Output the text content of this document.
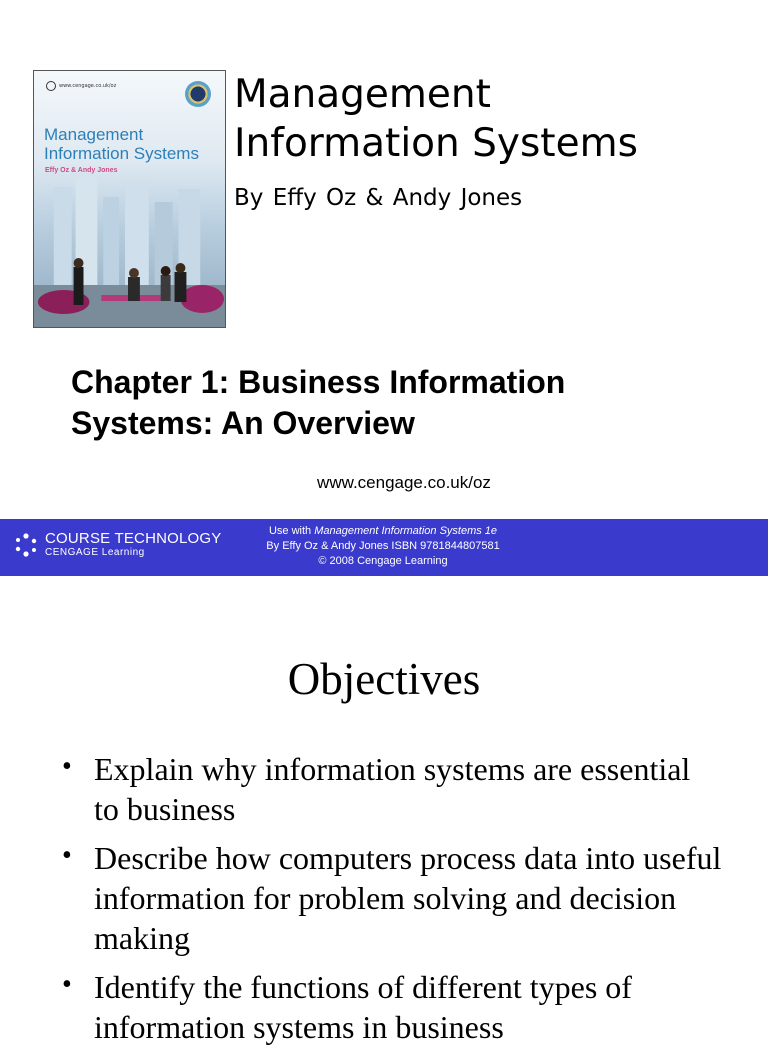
www.cengage.co.uk/oz
Management
Information Systems
Effy Oz & Andy Jones
Management
Information Systems
By Effy Oz & Andy Jones
Chapter 1: Business Information
Systems: An Overview
www.cengage.co.uk/oz
COURSE TECHNOLOGY
CENGAGE Learning
Use with Management Information Systems 1e
By Effy Oz & Andy Jones ISBN 9781844807581
© 2008 Cengage Learning
Objectives
• Explain why information systems are essential to business
• Describe how computers process data into useful information for problem solving and decision making
• Identify the functions of different types of information systems in business
